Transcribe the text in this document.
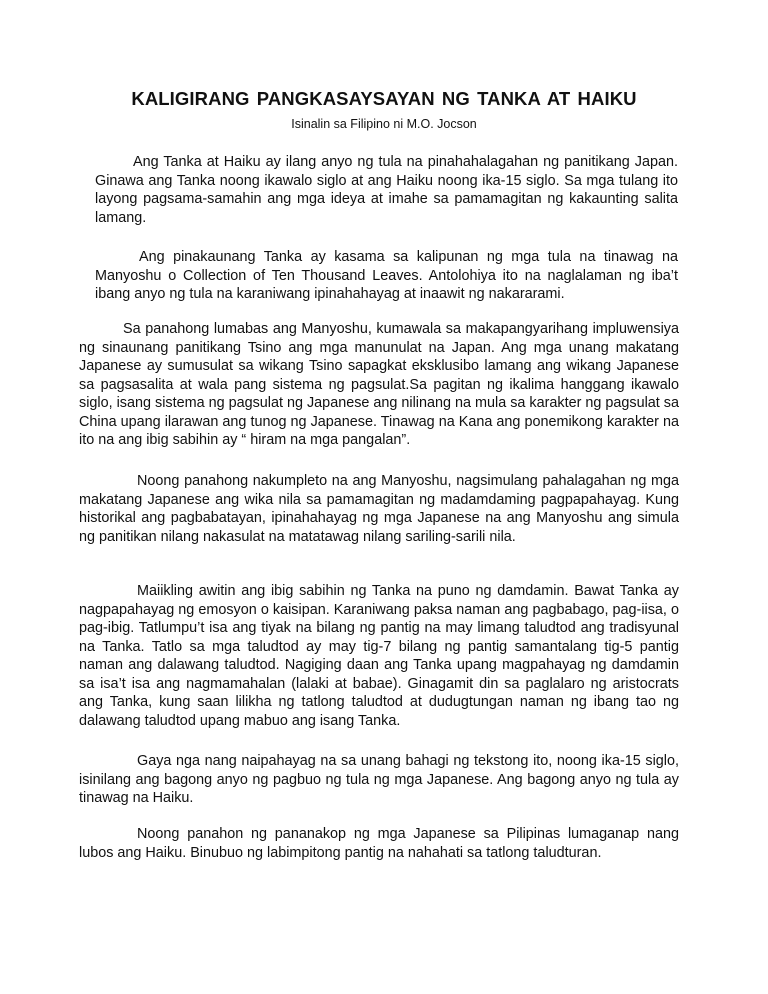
KALIGIRANG PANGKASAYSAYAN NG TANKA AT HAIKU

Isinalin sa Filipino ni M.O. Jocson

Ang Tanka at Haiku ay ilang anyo ng tula na pinahahalagahan ng panitikang Japan. Ginawa ang Tanka noong ikawalo siglo at ang Haiku noong ika-15 siglo. Sa mga tulang ito layong pagsama-samahin ang mga ideya at imahe sa pamamagitan ng kakaunting salita lamang.

Ang pinakaunang Tanka ay kasama sa kalipunan ng mga tula na tinawag na Manyoshu o Collection of Ten Thousand Leaves. Antolohiya ito na naglalaman ng iba’t ibang anyo ng tula na karaniwang ipinahahayag at inaawit ng nakararami.

Sa panahong lumabas ang Manyoshu, kumawala sa makapangyarihang impluwensiya ng sinaunang panitikang Tsino ang mga manunulat na Japan. Ang mga unang makatang Japanese ay sumusulat sa wikang Tsino sapagkat eksklusibo lamang ang wikang Japanese sa pagsasalita at wala pang sistema ng pagsulat.Sa pagitan ng ikalima hanggang ikawalo siglo, isang sistema ng pagsulat ng Japanese ang nilinang na mula sa karakter ng pagsulat sa China upang ilarawan ang tunog ng Japanese. Tinawag na Kana ang ponemikong karakter na ito na ang ibig sabihin ay “ hiram na mga pangalan”.

Noong panahong nakumpleto na ang Manyoshu, nagsimulang pahalagahan ng mga makatang Japanese ang wika nila sa pamamagitan ng madamdaming pagpapahayag. Kung historikal ang pagbabatayan, ipinahahayag ng mga Japanese na ang Manyoshu ang simula ng panitikan nilang nakasulat na matatawag nilang sariling-sarili nila.

Maiikling awitin ang ibig sabihin ng Tanka na puno ng damdamin. Bawat Tanka ay nagpapahayag ng emosyon o kaisipan. Karaniwang paksa naman ang pagbabago, pag-iisa, o pag-ibig. Tatlumpu’t isa ang tiyak na bilang ng pantig na may limang taludtod ang tradisyunal na Tanka. Tatlo sa mga taludtod ay may tig-7 bilang ng pantig samantalang tig-5 pantig naman ang dalawang taludtod. Nagiging daan ang Tanka upang magpahayag ng damdamin sa isa’t isa ang nagmamahalan (lalaki at babae). Ginagamit din sa paglalaro ng aristocrats ang Tanka, kung saan lilikha ng tatlong taludtod at dudugtungan naman ng ibang tao ng dalawang taludtod upang mabuo ang isang Tanka.

Gaya nga nang naipahayag na sa unang bahagi ng tekstong ito, noong ika-15 siglo, isinilang ang bagong anyo ng pagbuo ng tula ng mga Japanese. Ang bagong anyo ng tula ay tinawag na Haiku.

Noong panahon ng pananakop ng mga Japanese sa Pilipinas lumaganap nang lubos ang Haiku. Binubuo ng labimpitong pantig na nahahati sa tatlong taludturan.
